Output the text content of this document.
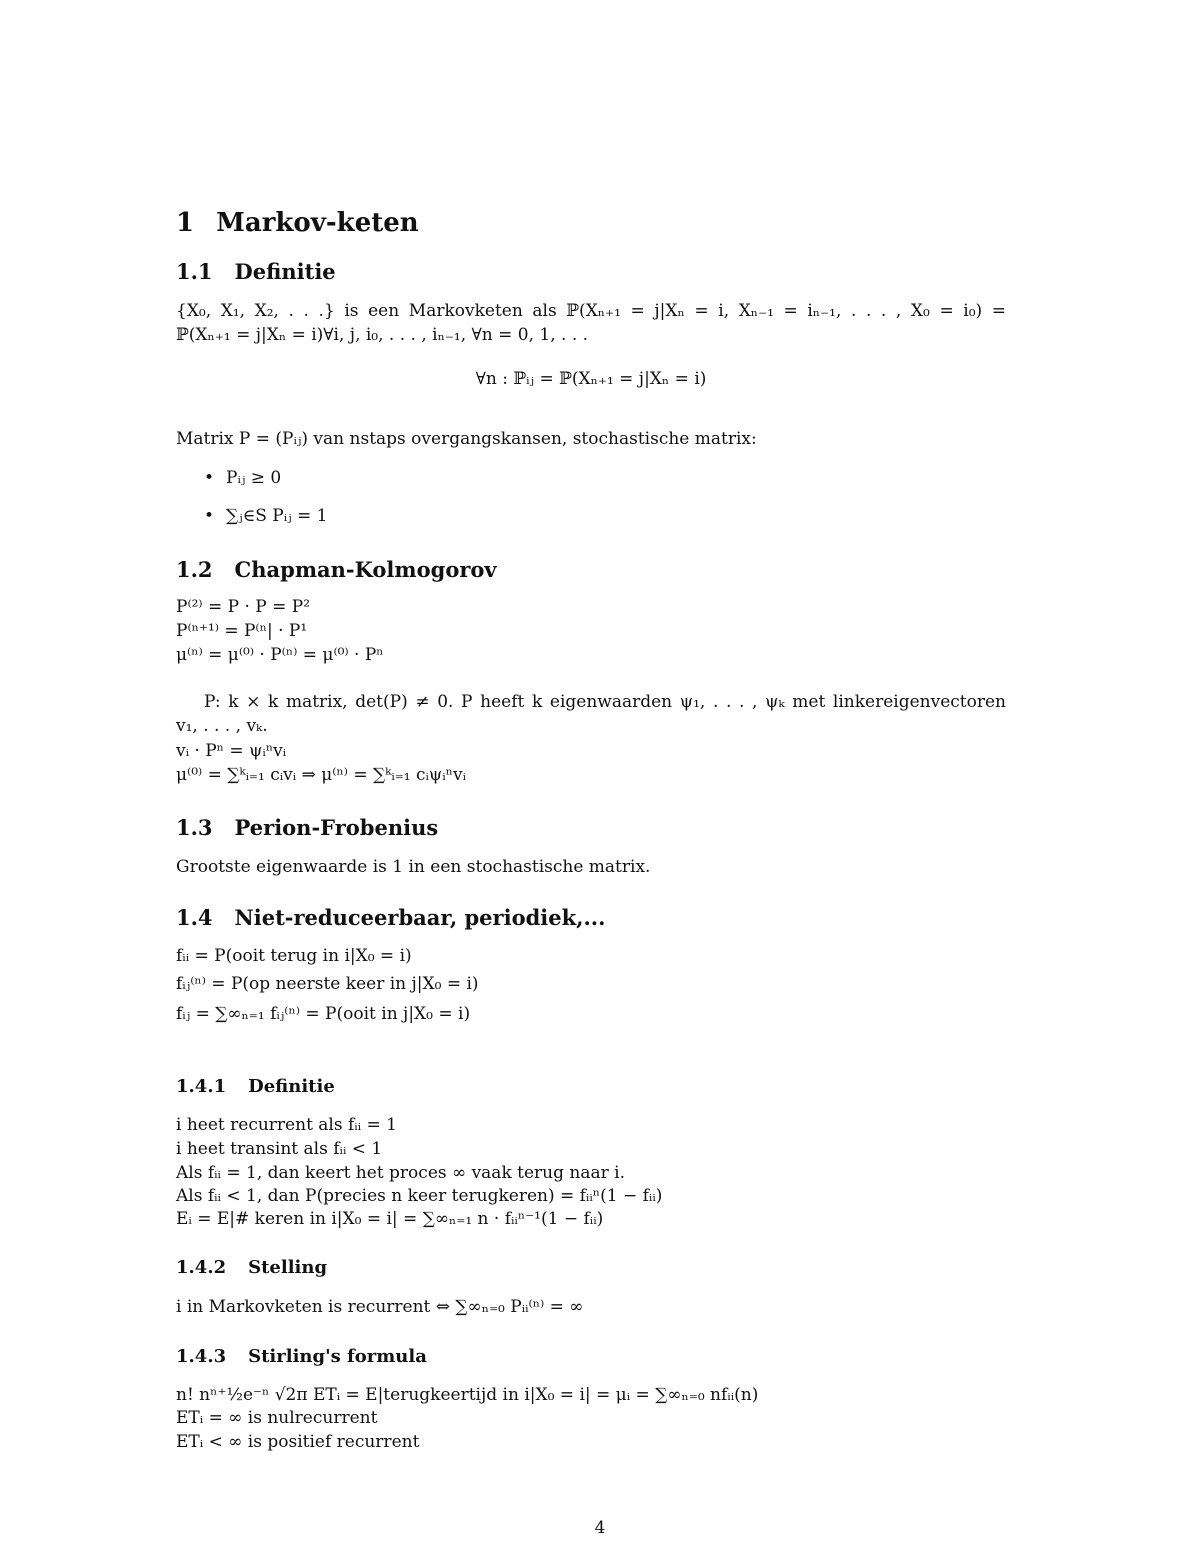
1 Markov-keten
1.1 Definitie
{X₀, X₁, X₂, . . .} is een Markovketen als ℙ(Xₙ₊₁ = j|Xₙ = i, Xₙ₋₁ = iₙ₋₁, . . . , X₀ = i₀) =
ℙ(Xₙ₊₁ = j|Xₙ = i)∀i, j, i₀, . . . , iₙ₋₁, ∀n = 0, 1, . . .
∀n : ℙᵢⱼ = ℙ(Xₙ₊₁ = j|Xₙ = i)
Matrix P = (Pᵢⱼ) van nstaps overgangskansen, stochastische matrix:
• Pᵢⱼ ≥ 0
• ∑ⱼ∈S Pᵢⱼ = 1
1.2 Chapman-Kolmogorov
P⁽²⁾ = P · P = P²
P⁽ⁿ⁺¹⁾ = P⁽ⁿ| · P¹
μ⁽ⁿ⁾ = μ⁽⁰⁾ · P⁽ⁿ⁾ = μ⁽⁰⁾ · Pⁿ
P: k × k matrix, det(P) ≠ 0. P heeft k eigenwaarden ψ₁, . . . , ψₖ met linkereigenvectoren
v₁, . . . , vₖ.
vᵢ · Pⁿ = ψᵢⁿvᵢ
μ⁽⁰⁾ = ∑ᵏᵢ₌₁ cᵢvᵢ ⇒ μ⁽ⁿ⁾ = ∑ᵏᵢ₌₁ cᵢψᵢⁿvᵢ
1.3 Perion-Frobenius
Grootste eigenwaarde is 1 in een stochastische matrix.
1.4 Niet-reduceerbaar, periodiek,...
fᵢᵢ = P(ooit terug in i|X₀ = i)
fᵢⱼ⁽ⁿ⁾ = P(op neerste keer in j|X₀ = i)
fᵢⱼ = ∑∞ₙ₌₁ fᵢⱼ⁽ⁿ⁾ = P(ooit in j|X₀ = i)
1.4.1 Definitie
i heet recurrent als fᵢᵢ = 1
i heet transint als fᵢᵢ < 1
Als fᵢᵢ = 1, dan keert het proces ∞ vaak terug naar i.
Als fᵢᵢ < 1, dan P(precies n keer terugkeren) = fᵢᵢⁿ(1 − fᵢᵢ)
Eᵢ = E|# keren in i|X₀ = i| = ∑∞ₙ₌₁ n · fᵢᵢⁿ⁻¹(1 − fᵢᵢ)
1.4.2 Stelling
i in Markovketen is recurrent ⇔ ∑∞ₙ₌₀ Pᵢᵢ⁽ⁿ⁾ = ∞
1.4.3 Stirling's formula
n! nⁿ⁺½e⁻ⁿ √2π ETᵢ = E|terugkeertijd in i|X₀ = i| = μᵢ = ∑∞ₙ₌₀ nfᵢᵢ(n)
ETᵢ = ∞ is nulrecurrent
ETᵢ < ∞ is positief recurrent
4
